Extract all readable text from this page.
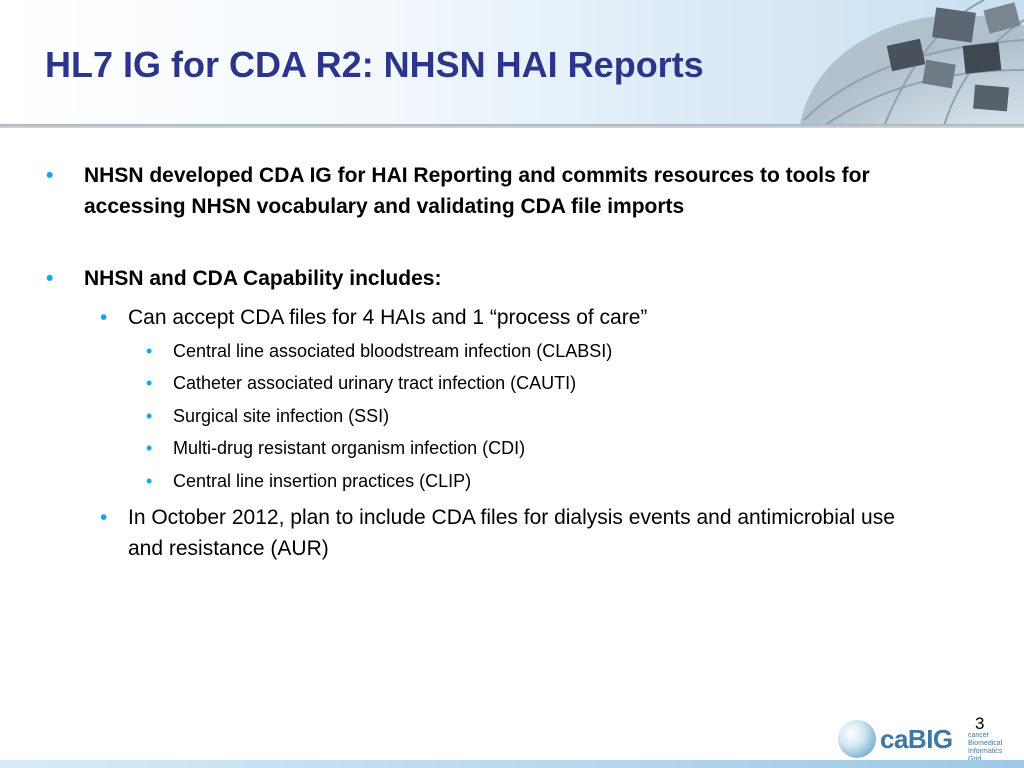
HL7 IG for CDA R2: NHSN HAI Reports
• NHSN developed CDA IG for HAI Reporting and commits resources to tools for accessing NHSN vocabulary and validating CDA file imports
• NHSN and CDA Capability includes:
• Can accept CDA files for 4 HAIs and 1 “process of care”
• Central line associated bloodstream infection (CLABSI)
• Catheter associated urinary tract infection (CAUTI)
• Surgical site infection (SSI)
• Multi-drug resistant organism infection (CDI)
• Central line insertion practices (CLIP)
• In October 2012, plan to include CDA files for dialysis events and antimicrobial use and resistance (AUR)
3
caBIG cancer Biomedical Informatics
